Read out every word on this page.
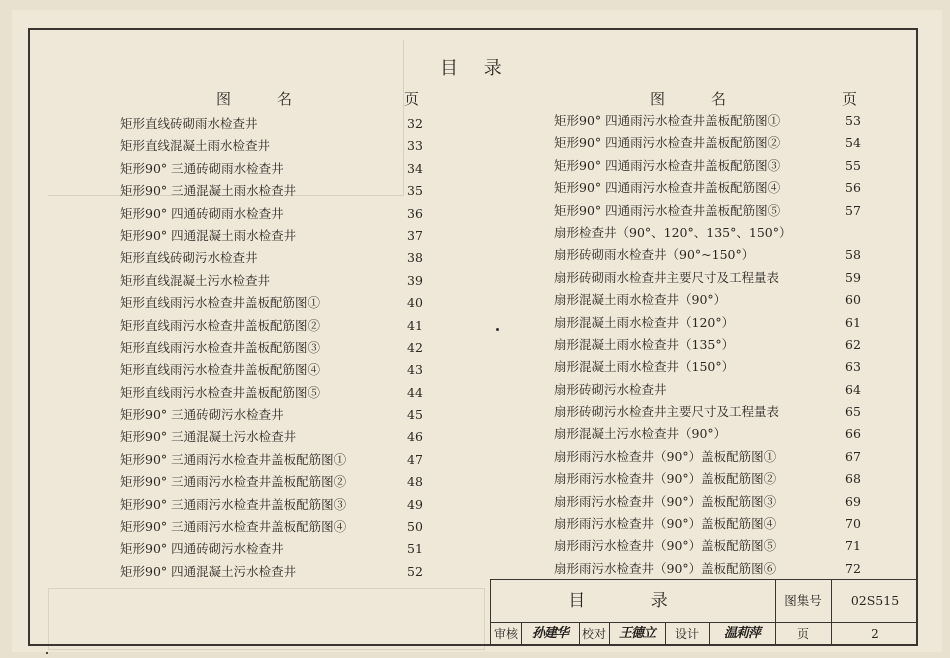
目 录
图名	页	图名	页
矩形直线砖砌雨水检查井	32
矩形直线混凝土雨水检查井	33
矩形90° 三通砖砌雨水检查井	34
矩形90° 三通混凝土雨水检查井	35
矩形90° 四通砖砌雨水检查井	36
矩形90° 四通混凝土雨水检查井	37
矩形直线砖砌污水检查井	38
矩形直线混凝土污水检查井	39
矩形直线雨污水检查井盖板配筋图①	40
矩形直线雨污水检查井盖板配筋图②	41
矩形直线雨污水检查井盖板配筋图③	42
矩形直线雨污水检查井盖板配筋图④	43
矩形直线雨污水检查井盖板配筋图⑤	44
矩形90° 三通砖砌污水检查井	45
矩形90° 三通混凝土污水检查井	46
矩形90° 三通雨污水检查井盖板配筋图①	47
矩形90° 三通雨污水检查井盖板配筋图②	48
矩形90° 三通雨污水检查井盖板配筋图③	49
矩形90° 三通雨污水检查井盖板配筋图④	50
矩形90° 四通砖砌污水检查井	51
矩形90° 四通混凝土污水检查井	52
矩形90° 四通雨污水检查井盖板配筋图①	53
矩形90° 四通雨污水检查井盖板配筋图②	54
矩形90° 四通雨污水检查井盖板配筋图③	55
矩形90° 四通雨污水检查井盖板配筋图④	56
矩形90° 四通雨污水检查井盖板配筋图⑤	57
扇形检查井（90°、120°、135°、150°）
扇形砖砌雨水检查井（90°~150°）	58
扇形砖砌雨水检查井主要尺寸及工程量表	59
扇形混凝土雨水检查井（90°）	60
扇形混凝土雨水检查井（120°）	61
扇形混凝土雨水检查井（135°）	62
扇形混凝土雨水检查井（150°）	63
扇形砖砌污水检查井	64
扇形砖砌污水检查井主要尺寸及工程量表	65
扇形混凝土污水检查井（90°）	66
扇形雨污水检查井（90°）盖板配筋图①	67
扇形雨污水检查井（90°）盖板配筋图②	68
扇形雨污水检查井（90°）盖板配筋图③	69
扇形雨污水检查井（90°）盖板配筋图④	70
扇形雨污水检查井（90°）盖板配筋图⑤	71
扇形雨污水检查井（90°）盖板配筋图⑥	72
目 录	图集号	02S515
审核	孙建华	校对 王德立	设计	温莉萍	页	2
